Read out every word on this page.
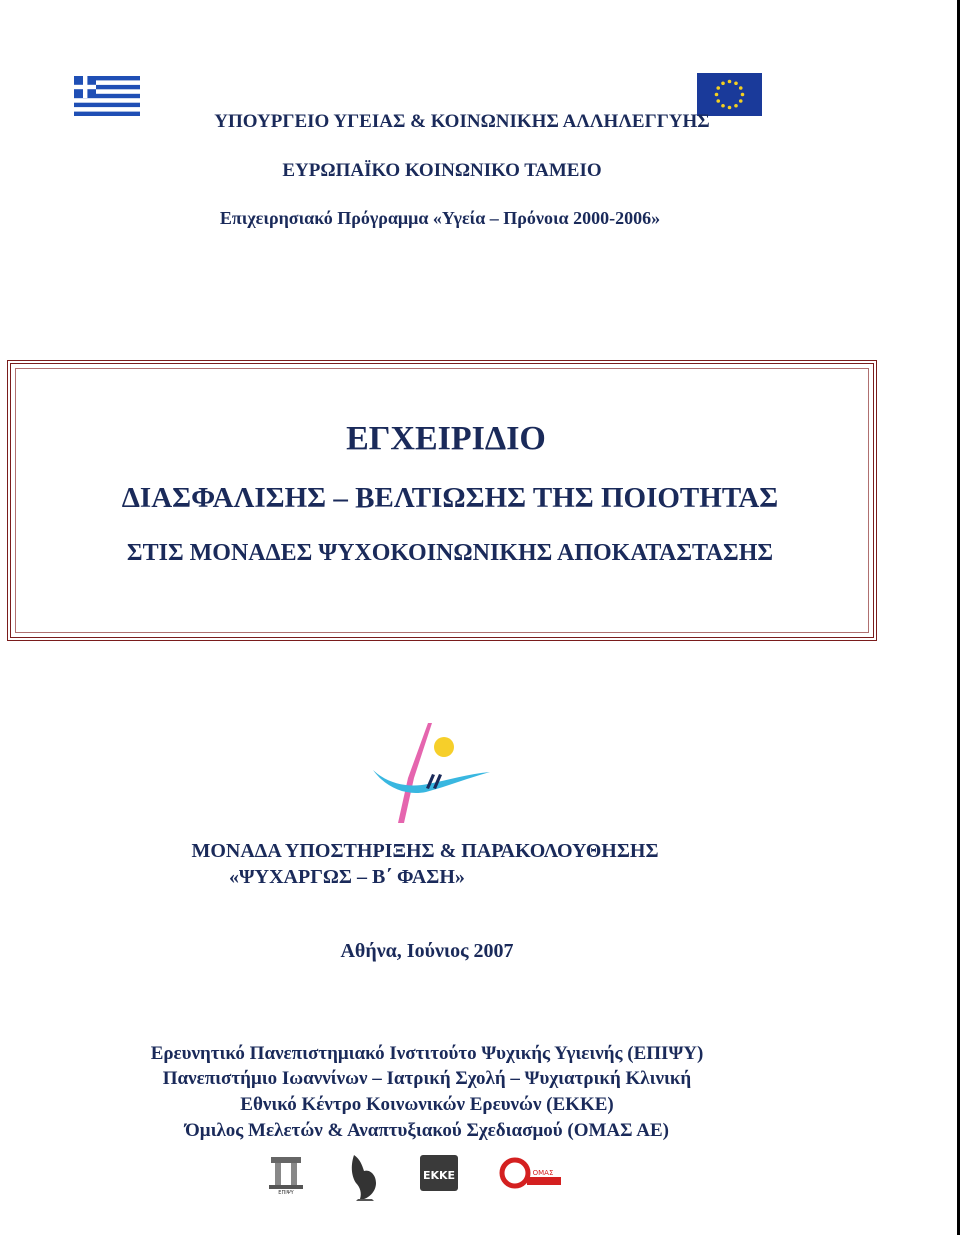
ΥΠΟΥΡΓΕΙΟ ΥΓΕΙΑΣ & ΚΟΙΝΩΝΙΚΗΣ ΑΛΛΗΛΕΓΓΥΗΣ
ΕΥΡΩΠΑΪΚΟ ΚΟΙΝΩΝΙΚΟ ΤΑΜΕΙΟ
Επιχειρησιακό Πρόγραμμα «Υγεία – Πρόνοια 2000-2006»
ΕΓΧΕΙΡΙΔΙΟ
ΔΙΑΣΦΑΛΙΣΗΣ – ΒΕΛΤΙΩΣΗΣ ΤΗΣ ΠΟΙΟΤΗΤΑΣ
ΣΤΙΣ ΜΟΝΑΔΕΣ ΨΥΧΟΚΟΙΝΩΝΙΚΗΣ ΑΠΟΚΑΤΑΣΤΑΣΗΣ
ΜΟΝΑΔΑ ΥΠΟΣΤΗΡΙΞΗΣ & ΠΑΡΑΚΟΛΟΥΘΗΣΗΣ
«ΨΥΧΑΡΓΩΣ – Β΄ ΦΑΣΗ»
Αθήνα, Ιούνιος 2007
Ερευνητικό Πανεπιστημιακό Ινστιτούτο Ψυχικής Υγιεινής (ΕΠΙΨΥ)
Πανεπιστήμιο Ιωαννίνων – Ιατρική Σχολή – Ψυχιατρική Κλινική
Εθνικό Κέντρο Κοινωνικών Ερευνών (ΕΚΚΕ)
Όμιλος Μελετών & Αναπτυξιακού Σχεδιασμού (ΟΜΑΣ ΑΕ)
ΕΠΙΨΥ
ΕΚΚΕ	ΟΜΑΣ
